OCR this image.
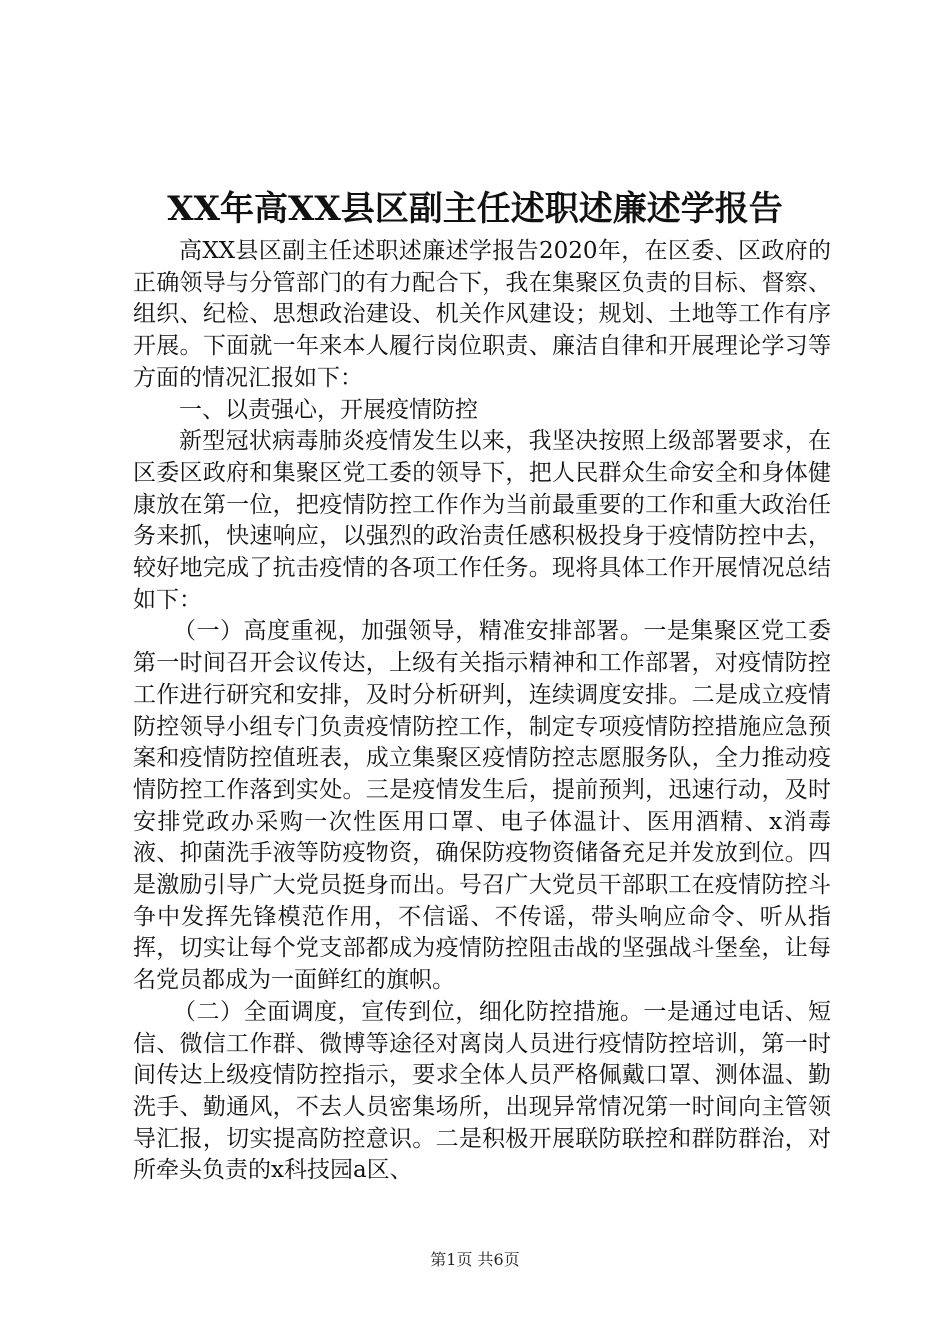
XX年高XX县区副主任述职述廉述学报告

高XX县区副主任述职述廉述学报告2020年，在区委、区政府的正确领导与分管部门的有力配合下，我在集聚区负责的目标、督察、组织、纪检、思想政治建设、机关作风建设；规划、土地等工作有序开展。下面就一年来本人履行岗位职责、廉洁自律和开展理论学习等方面的情况汇报如下：

一、以责强心，开展疫情防控

新型冠状病毒肺炎疫情发生以来，我坚决按照上级部署要求，在区委区政府和集聚区党工委的领导下，把人民群众生命安全和身体健康放在第一位，把疫情防控工作作为当前最重要的工作和重大政治任务来抓，快速响应，以强烈的政治责任感积极投身于疫情防控中去，较好地完成了抗击疫情的各项工作任务。现将具体工作开展情况总结如下：

（一）高度重视，加强领导，精准安排部署。一是集聚区党工委第一时间召开会议传达，上级有关指示精神和工作部署，对疫情防控工作进行研究和安排，及时分析研判，连续调度安排。二是成立疫情防控领导小组专门负责疫情防控工作，制定专项疫情防控措施应急预案和疫情防控值班表，成立集聚区疫情防控志愿服务队，全力推动疫情防控工作落到实处。三是疫情发生后，提前预判，迅速行动，及时安排党政办采购一次性医用口罩、电子体温计、医用酒精、x消毒液、抑菌洗手液等防疫物资，确保防疫物资储备充足并发放到位。四是激励引导广大党员挺身而出。号召广大党员干部职工在疫情防控斗争中发挥先锋模范作用，不信谣、不传谣，带头响应命令、听从指挥，切实让每个党支部都成为疫情防控阻击战的坚强战斗堡垒，让每名党员都成为一面鲜红的旗帜。

（二）全面调度，宣传到位，细化防控措施。一是通过电话、短信、微信工作群、微博等途径对离岗人员进行疫情防控培训，第一时间传达上级疫情防控指示，要求全体人员严格佩戴口罩、测体温、勤洗手、勤通风，不去人员密集场所，出现异常情况第一时间向主管领导汇报，切实提高防控意识。二是积极开展联防联控和群防群治，对所牵头负责的x科技园a区、

第1页 共6页
